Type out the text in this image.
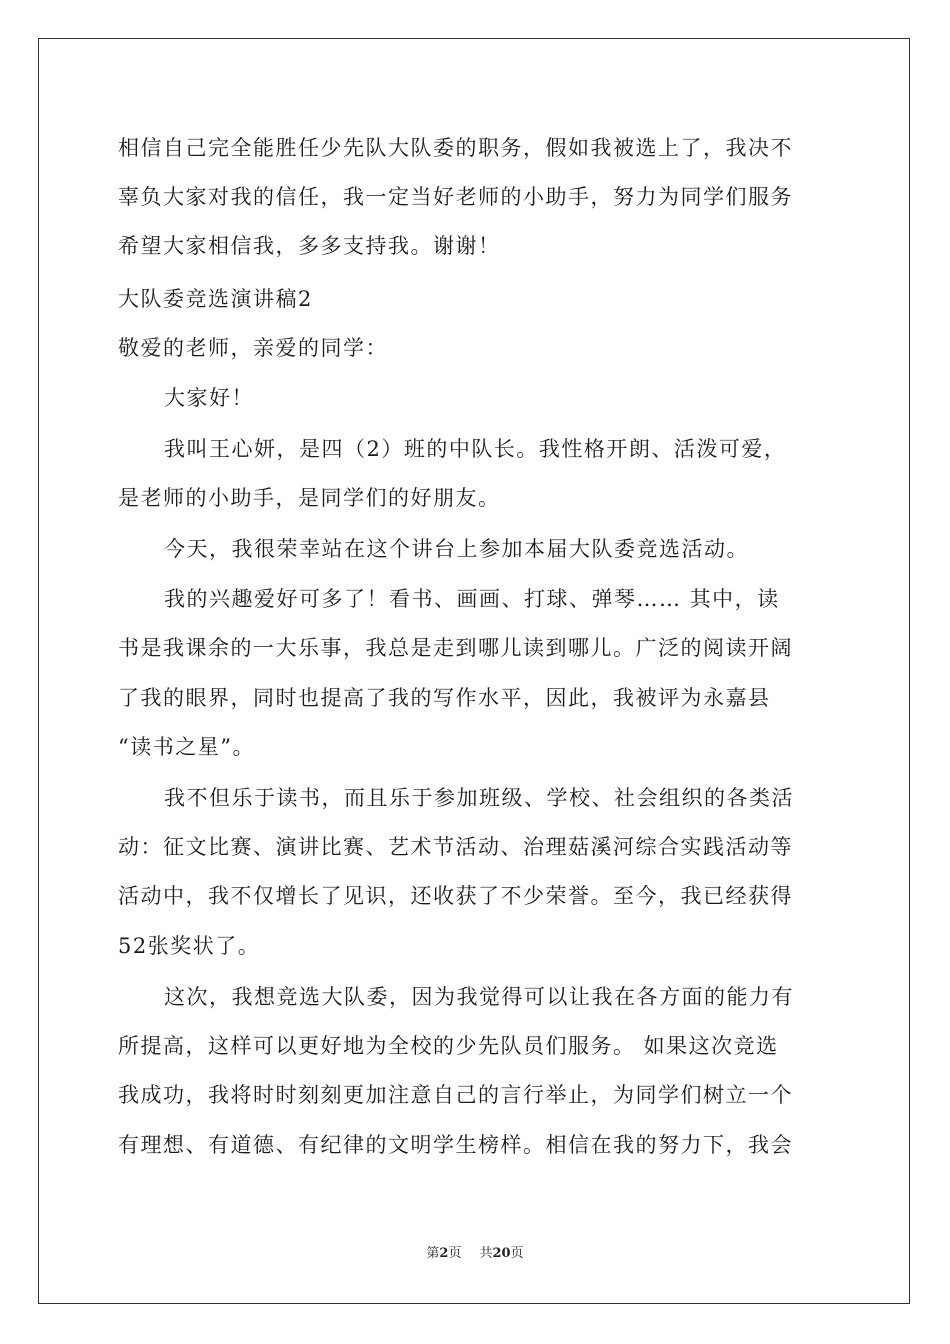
相信自己完全能胜任少先队大队委的职务，假如我被选上了，我决不
辜负大家对我的信任，我一定当好老师的小助手，努力为同学们服务
希望大家相信我，多多支持我。谢谢！
大队委竞选演讲稿2
敬爱的老师，亲爱的同学：
大家好！
我叫王心妍，是四（2）班的中队长。我性格开朗、活泼可爱，
是老师的小助手，是同学们的好朋友。
今天，我很荣幸站在这个讲台上参加本届大队委竞选活动。
我的兴趣爱好可多了！看书、画画、打球、弹琴…… 其中，读
书是我课余的一大乐事，我总是走到哪儿读到哪儿。广泛的阅读开阔
了我的眼界，同时也提高了我的写作水平，因此，我被评为永嘉县
“读书之星”。
我不但乐于读书，而且乐于参加班级、学校、社会组织的各类活
动：征文比赛、演讲比赛、艺术节活动、治理菇溪河综合实践活动等
活动中，我不仅增长了见识，还收获了不少荣誉。至今，我已经获得
52张奖状了。
这次，我想竞选大队委，因为我觉得可以让我在各方面的能力有
所提高，这样可以更好地为全校的少先队员们服务。 如果这次竞选
我成功，我将时时刻刻更加注意自己的言行举止，为同学们树立一个
有理想、有道德、有纪律的文明学生榜样。相信在我的努力下，我会
第2页 共20页
